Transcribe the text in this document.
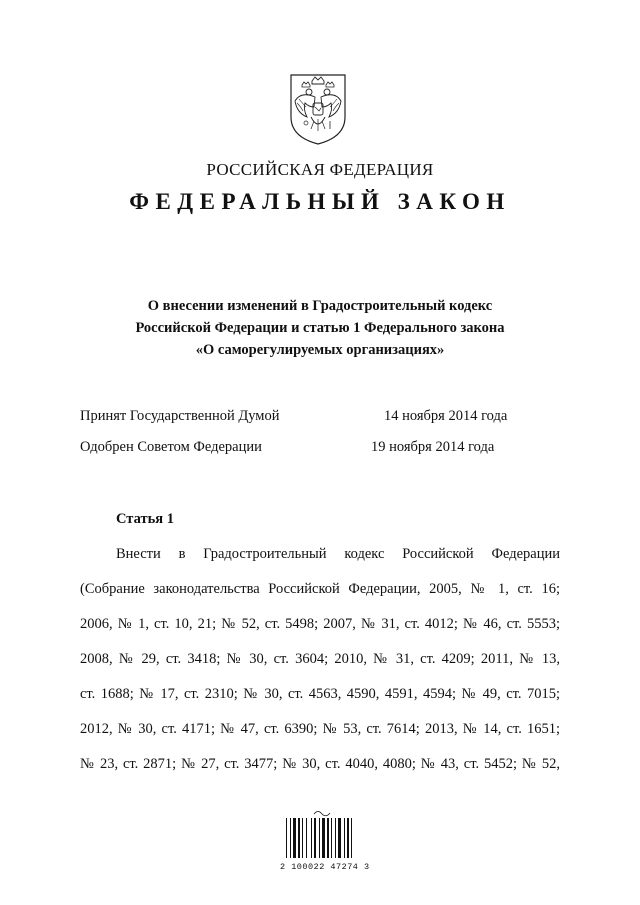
РОССИЙСКАЯ ФЕДЕРАЦИЯ
ФЕДЕРАЛЬНЫЙ ЗАКОН
О внесении изменений в Градостроительный кодекс
Российской Федерации и статью 1 Федерального закона
«О саморегулируемых организациях»
Принят Государственной Думой	14 ноября 2014 года
Одобрен Советом Федерации	19 ноября 2014 года
Статья 1
Внести в Градостроительный кодекс Российской Федерации
(Собрание законодательства Российской Федерации, 2005, № 1, ст. 16;
2006, № 1, ст. 10, 21; № 52, ст. 5498; 2007, № 31, ст. 4012; № 46, ст. 5553;
2008, № 29, ст. 3418; № 30, ст. 3604; 2010, № 31, ст. 4209; 2011, № 13,
ст. 1688; № 17, ст. 2310; № 30, ст. 4563, 4590, 4591, 4594; № 49, ст. 7015;
2012, № 30, ст. 4171; № 47, ст. 6390; № 53, ст. 7614; 2013, № 14, ст. 1651;
№ 23, ст. 2871; № 27, ст. 3477; № 30, ст. 4040, 4080; № 43, ст. 5452; № 52,
2 100022 47274 3
